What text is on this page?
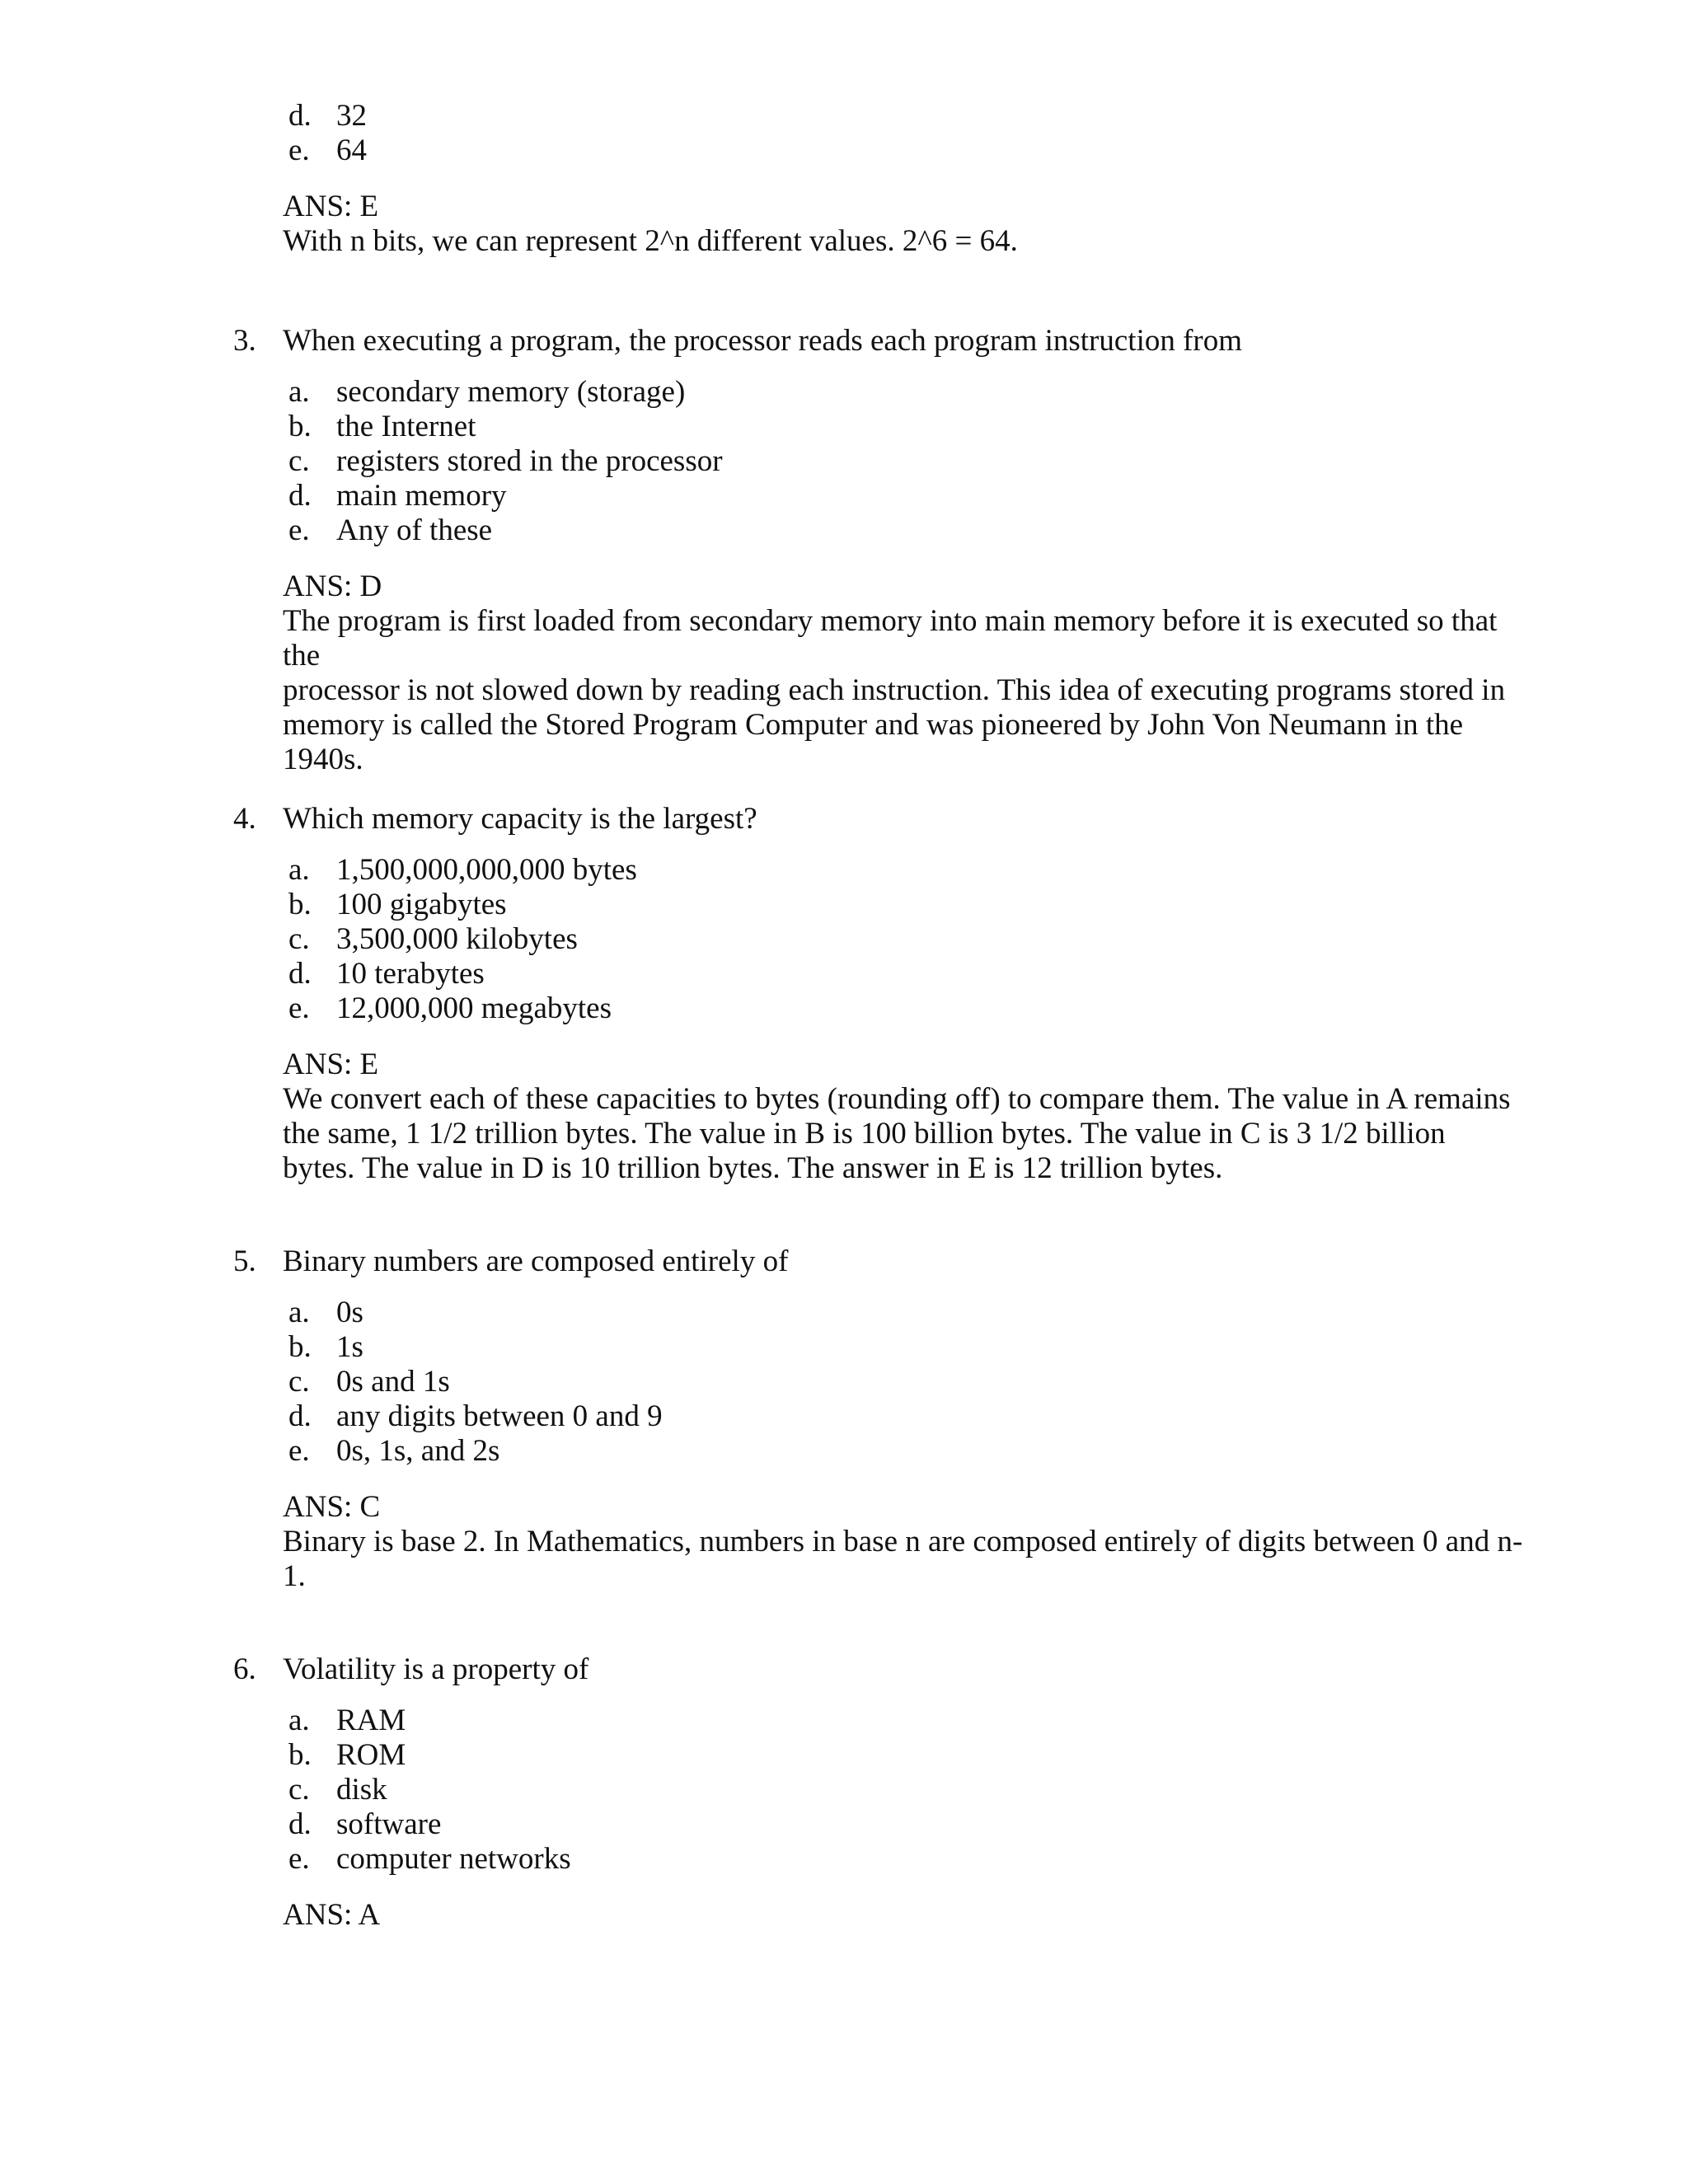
d. 32
e. 64
ANS: E
With n bits, we can represent 2^n different values. 2^6 = 64.
3. When executing a program, the processor reads each program instruction from
a. secondary memory (storage)
b. the Internet
c. registers stored in the processor
d. main memory
e. Any of these
ANS: D
The program is first loaded from secondary memory into main memory before it is executed so that the
processor is not slowed down by reading each instruction. This idea of executing programs stored in
memory is called the Stored Program Computer and was pioneered by John Von Neumann in the
1940s.
4. Which memory capacity is the largest?
a. 1,500,000,000,000 bytes
b. 100 gigabytes
c. 3,500,000 kilobytes
d. 10 terabytes
e. 12,000,000 megabytes
ANS: E
We convert each of these capacities to bytes (rounding off) to compare them. The value in A remains
the same, 1 1/2 trillion bytes. The value in B is 100 billion bytes. The value in C is 3 1/2 billion
bytes. The value in D is 10 trillion bytes. The answer in E is 12 trillion bytes.
5. Binary numbers are composed entirely of
a. 0s
b. 1s
c. 0s and 1s
d. any digits between 0 and 9
e. 0s, 1s, and 2s
ANS: C
Binary is base 2. In Mathematics, numbers in base n are composed entirely of digits between 0 and n-
1.
6. Volatility is a property of
a. RAM
b. ROM
c. disk
d. software
e. computer networks
ANS: A
